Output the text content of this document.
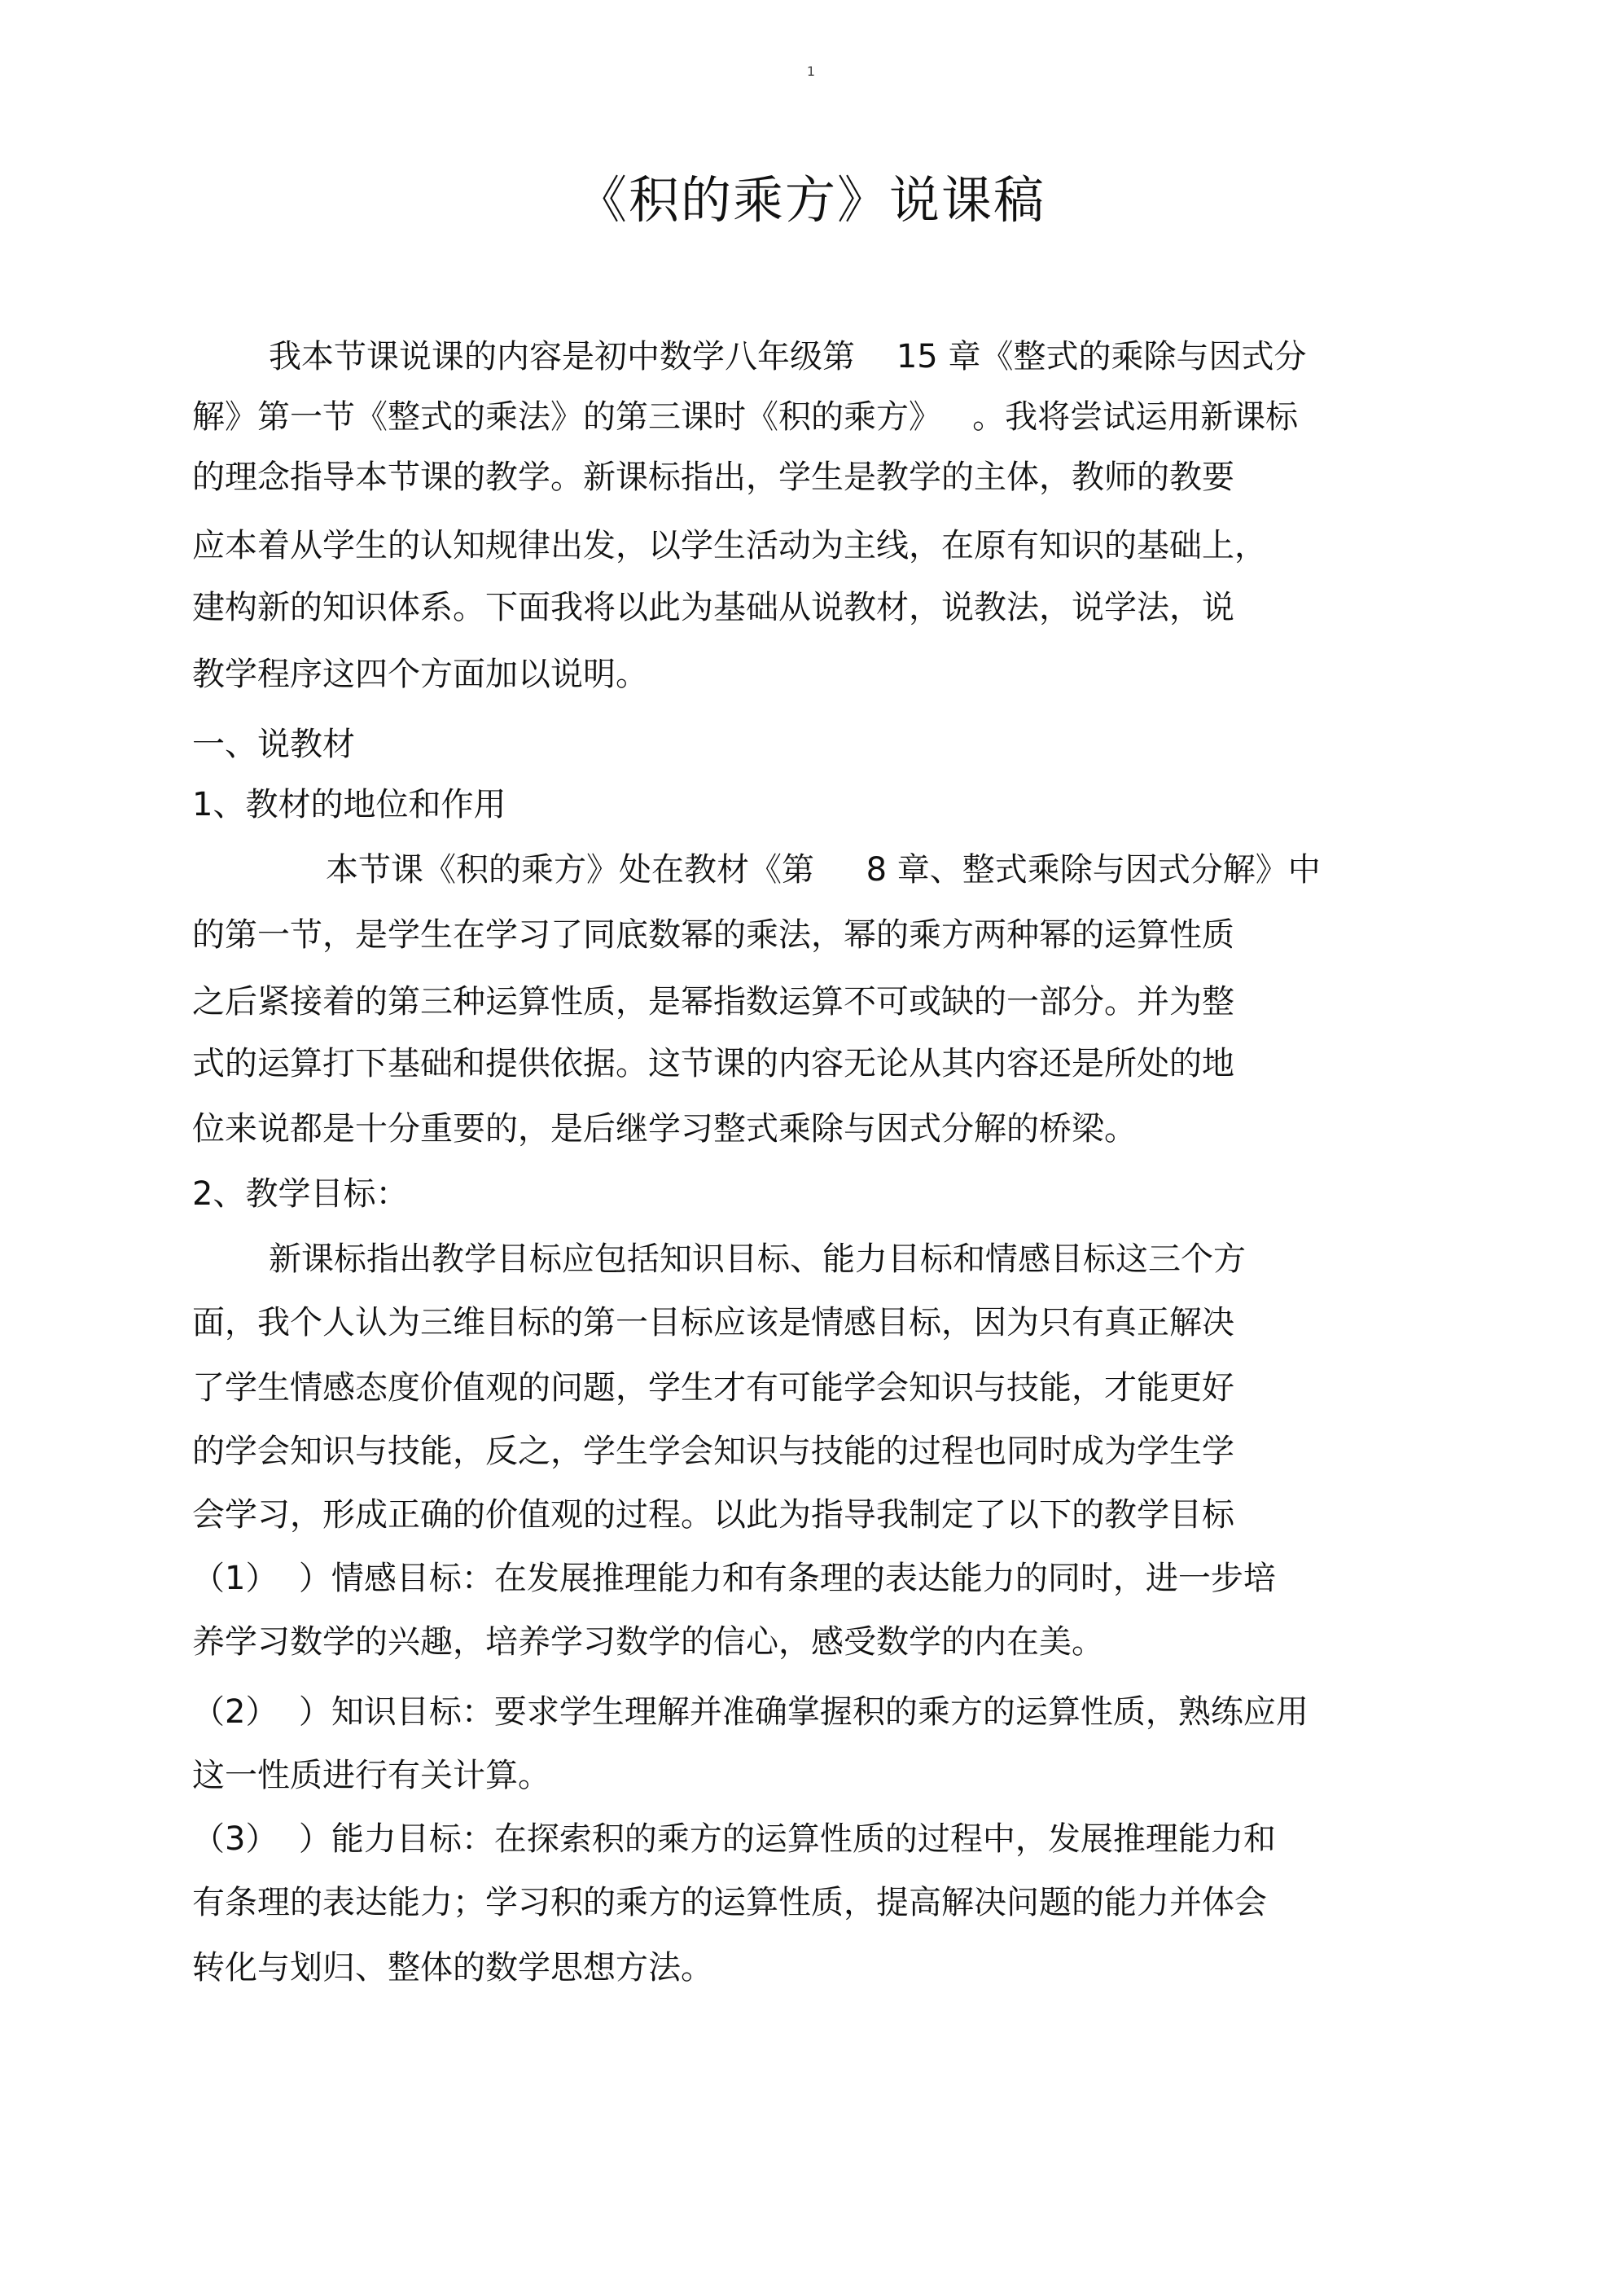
1
《积的乘方》说课稿
我本节课说课的内容是初中数学八年级第    15 章《整式的乘除与因式分
解》第一节《整式的乘法》的第三课时《积的乘方》   。我将尝试运用新课标
的理念指导本节课的教学。新课标指出，学生是教学的主体，教师的教要
应本着从学生的认知规律出发，以学生活动为主线，在原有知识的基础上，
建构新的知识体系。下面我将以此为基础从说教材，说教法，说学法，说
教学程序这四个方面加以说明。
一、说教材
1、教材的地位和作用
本节课《积的乘方》处在教材《第     8 章、整式乘除与因式分解》中
的第一节，是学生在学习了同底数幂的乘法，幂的乘方两种幂的运算性质
之后紧接着的第三种运算性质，是幂指数运算不可或缺的一部分。并为整
式的运算打下基础和提供依据。这节课的内容无论从其内容还是所处的地
位来说都是十分重要的，是后继学习整式乘除与因式分解的桥梁。
2、教学目标：
新课标指出教学目标应包括知识目标、能力目标和情感目标这三个方
面，我个人认为三维目标的第一目标应该是情感目标，因为只有真正解决
了学生情感态度价值观的问题，学生才有可能学会知识与技能，才能更好
的学会知识与技能，反之，学生学会知识与技能的过程也同时成为学生学
会学习，形成正确的价值观的过程。以此为指导我制定了以下的教学目标
（1）  ）情感目标：在发展推理能力和有条理的表达能力的同时，进一步培
养学习数学的兴趣，培养学习数学的信心，感受数学的内在美。
（2）  ）知识目标：要求学生理解并准确掌握积的乘方的运算性质，熟练应用
这一性质进行有关计算。
（3）  ）能力目标：在探索积的乘方的运算性质的过程中，发展推理能力和
有条理的表达能力；学习积的乘方的运算性质，提高解决问题的能力并体会
转化与划归、整体的数学思想方法。
